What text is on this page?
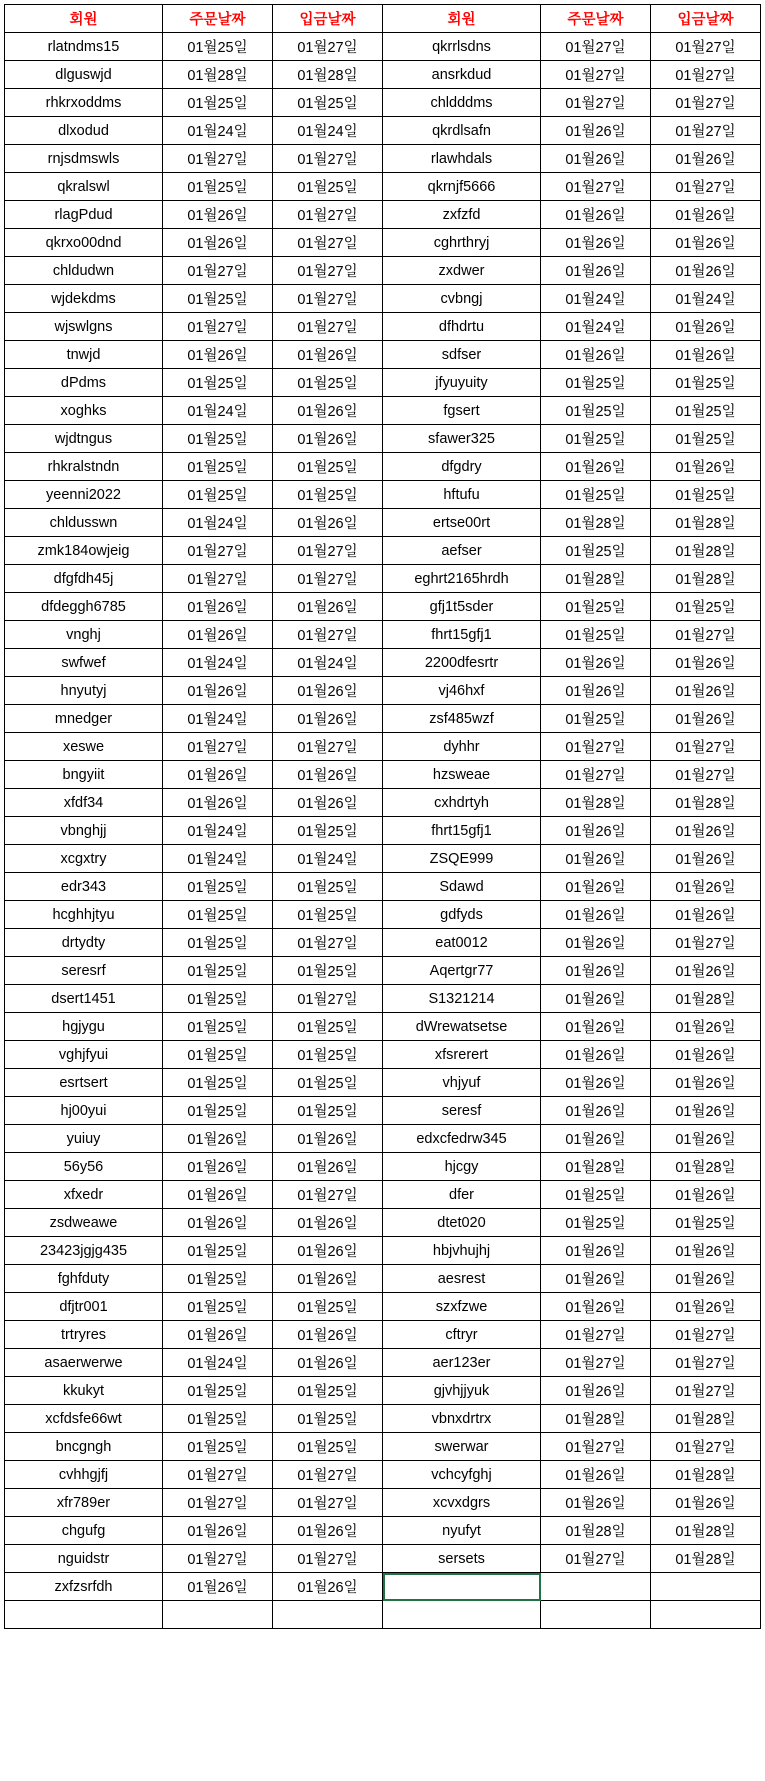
회원	주문날짜	입금날짜	회원	주문날짜	입금날짜
rlatndms15	01월25일	01월27일	qkrrlsdns	01월27일	01월27일
dlguswjd	01월28일	01월28일	ansrkdud	01월27일	01월27일
rhkrxoddms	01월25일	01월25일	chldddms	01월27일	01월27일
dlxodud	01월24일	01월24일	qkrdlsafn	01월26일	01월27일
rnjsdmswls	01월27일	01월27일	rlawhdals	01월26일	01월26일
qkralswl	01월25일	01월25일	qkrnjf5666	01월27일	01월27일
rlagPdud	01월26일	01월27일	zxfzfd	01월26일	01월26일
qkrxo00dnd	01월26일	01월27일	cghrthryj	01월26일	01월26일
chldudwn	01월27일	01월27일	zxdwer	01월26일	01월26일
wjdekdms	01월25일	01월27일	cvbngj	01월24일	01월24일
wjswlgns	01월27일	01월27일	dfhdrtu	01월24일	01월26일
tnwjd	01월26일	01월26일	sdfser	01월26일	01월26일
dPdms	01월25일	01월25일	jfyuyuity	01월25일	01월25일
xoghks	01월24일	01월26일	fgsert	01월25일	01월25일
wjdtngus	01월25일	01월26일	sfawer325	01월25일	01월25일
rhkralstndn	01월25일	01월25일	dfgdry	01월26일	01월26일
yeenni2022	01월25일	01월25일	hftufu	01월25일	01월25일
chldusswn	01월24일	01월26일	ertse00rt	01월28일	01월28일
zmk184owjeig	01월27일	01월27일	aefser	01월25일	01월28일
dfgfdh45j	01월27일	01월27일	eghrt2165hrdh	01월28일	01월28일
dfdeggh6785	01월26일	01월26일	gfj1t5sder	01월25일	01월25일
vnghj	01월26일	01월27일	fhrt15gfj1	01월25일	01월27일
swfwef	01월24일	01월24일	2200dfesrtr	01월26일	01월26일
hnyutyj	01월26일	01월26일	vj46hxf	01월26일	01월26일
mnedger	01월24일	01월26일	zsf485wzf	01월25일	01월26일
xeswe	01월27일	01월27일	dyhhr	01월27일	01월27일
bngyiit	01월26일	01월26일	hzsweae	01월27일	01월27일
xfdf34	01월26일	01월26일	cxhdrtyh	01월28일	01월28일
vbnghjj	01월24일	01월25일	fhrt15gfj1	01월26일	01월26일
xcgxtry	01월24일	01월24일	ZSQE999	01월26일	01월26일
edr343	01월25일	01월25일	Sdawd	01월26일	01월26일
hcghhjtyu	01월25일	01월25일	gdfyds	01월26일	01월26일
drtydty	01월25일	01월27일	eat0012	01월26일	01월27일
seresrf	01월25일	01월25일	Aqertgr77	01월26일	01월26일
dsert1451	01월25일	01월27일	S1321214	01월26일	01월28일
hgjygu	01월25일	01월25일	dWrewatsetse	01월26일	01월26일
vghjfyui	01월25일	01월25일	xfsrerert	01월26일	01월26일
esrtsert	01월25일	01월25일	vhjyuf	01월26일	01월26일
hj00yui	01월25일	01월25일	seresf	01월26일	01월26일
yuiuy	01월26일	01월26일	edxcfedrw345	01월26일	01월26일
56y56	01월26일	01월26일	hjcgy	01월28일	01월28일
xfxedr	01월26일	01월27일	dfer	01월25일	01월26일
zsdweawe	01월26일	01월26일	dtet020	01월25일	01월25일
23423jgjg435	01월25일	01월26일	hbjvhujhj	01월26일	01월26일
fghfduty	01월25일	01월26일	aesrest	01월26일	01월26일
dfjtr001	01월25일	01월25일	szxfzwe	01월26일	01월26일
trtryres	01월26일	01월26일	cftryr	01월27일	01월27일
asaerwerwe	01월24일	01월26일	aer123er	01월27일	01월27일
kkukyt	01월25일	01월25일	gjvhjjyuk	01월26일	01월27일
xcfdsfe66wt	01월25일	01월25일	vbnxdrtrx	01월28일	01월28일
bncgngh	01월25일	01월25일	swerwar	01월27일	01월27일
cvhhgjfj	01월27일	01월27일	vchcyfghj	01월26일	01월28일
xfr789er	01월27일	01월27일	xcvxdgrs	01월26일	01월26일
chgufg	01월26일	01월26일	nyufyt	01월28일	01월28일
nguidstr	01월27일	01월27일	sersets	01월27일	01월28일
zxfzsrfdh	01월26일	01월26일			
